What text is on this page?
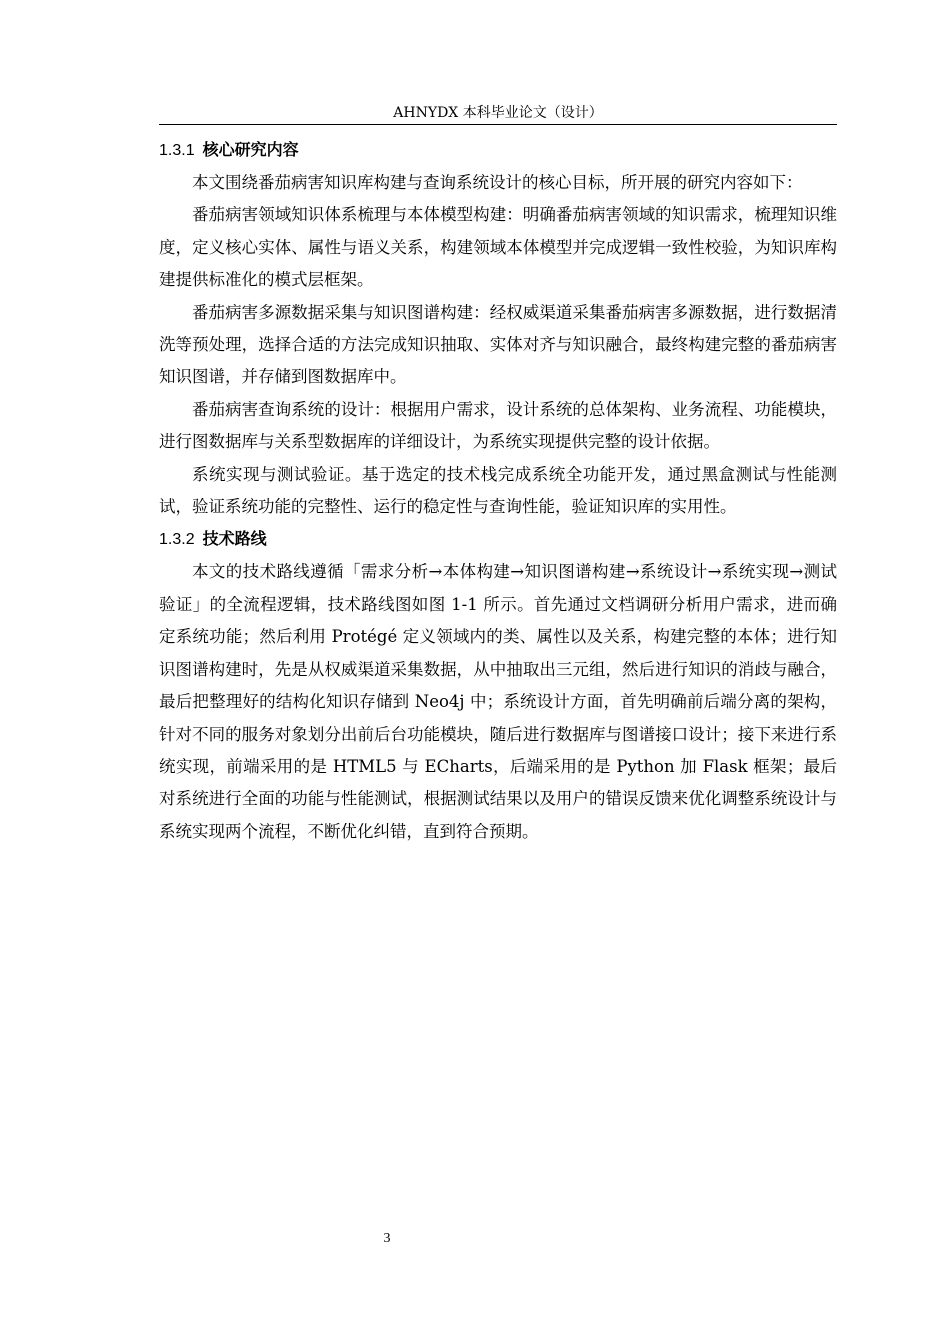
AHNYDX 本科毕业论文（设计）
1.3.1 核心研究内容

本文围绕番茄病害知识库构建与查询系统设计的核心目标，所开展的研究内容如下：

番茄病害领域知识体系梳理与本体模型构建：明确番茄病害领域的知识需求，梳理知识维度，定义核心实体、属性与语义关系，构建领域本体模型并完成逻辑一致性校验，为知识库构建提供标准化的模式层框架。

番茄病害多源数据采集与知识图谱构建：经权威渠道采集番茄病害多源数据，进行数据清洗等预处理，选择合适的方法完成知识抽取、实体对齐与知识融合，最终构建完整的番茄病害知识图谱，并存储到图数据库中。

番茄病害查询系统的设计：根据用户需求，设计系统的总体架构、业务流程、功能模块，进行图数据库与关系型数据库的详细设计，为系统实现提供完整的设计依据。

系统实现与测试验证。基于选定的技术栈完成系统全功能开发，通过黑盒测试与性能测试，验证系统功能的完整性、运行的稳定性与查询性能，验证知识库的实用性。

1.3.2 技术路线

本文的技术路线遵循「需求分析→本体构建→知识图谱构建→系统设计→系统实现→测试验证」的全流程逻辑，技术路线图如图 1-1 所示。首先通过文档调研分析用户需求，进而确定系统功能；然后利用 Protégé 定义领域内的类、属性以及关系，构建完整的本体；进行知识图谱构建时，先是从权威渠道采集数据，从中抽取出三元组，然后进行知识的消歧与融合，最后把整理好的结构化知识存储到 Neo4j 中；系统设计方面，首先明确前后端分离的架构，针对不同的服务对象划分出前后台功能模块，随后进行数据库与图谱接口设计；接下来进行系统实现，前端采用的是 HTML5 与 ECharts，后端采用的是 Python 加 Flask 框架；最后对系统进行全面的功能与性能测试，根据测试结果以及用户的错误反馈来优化调整系统设计与系统实现两个流程，不断优化纠错，直到符合预期。

3
